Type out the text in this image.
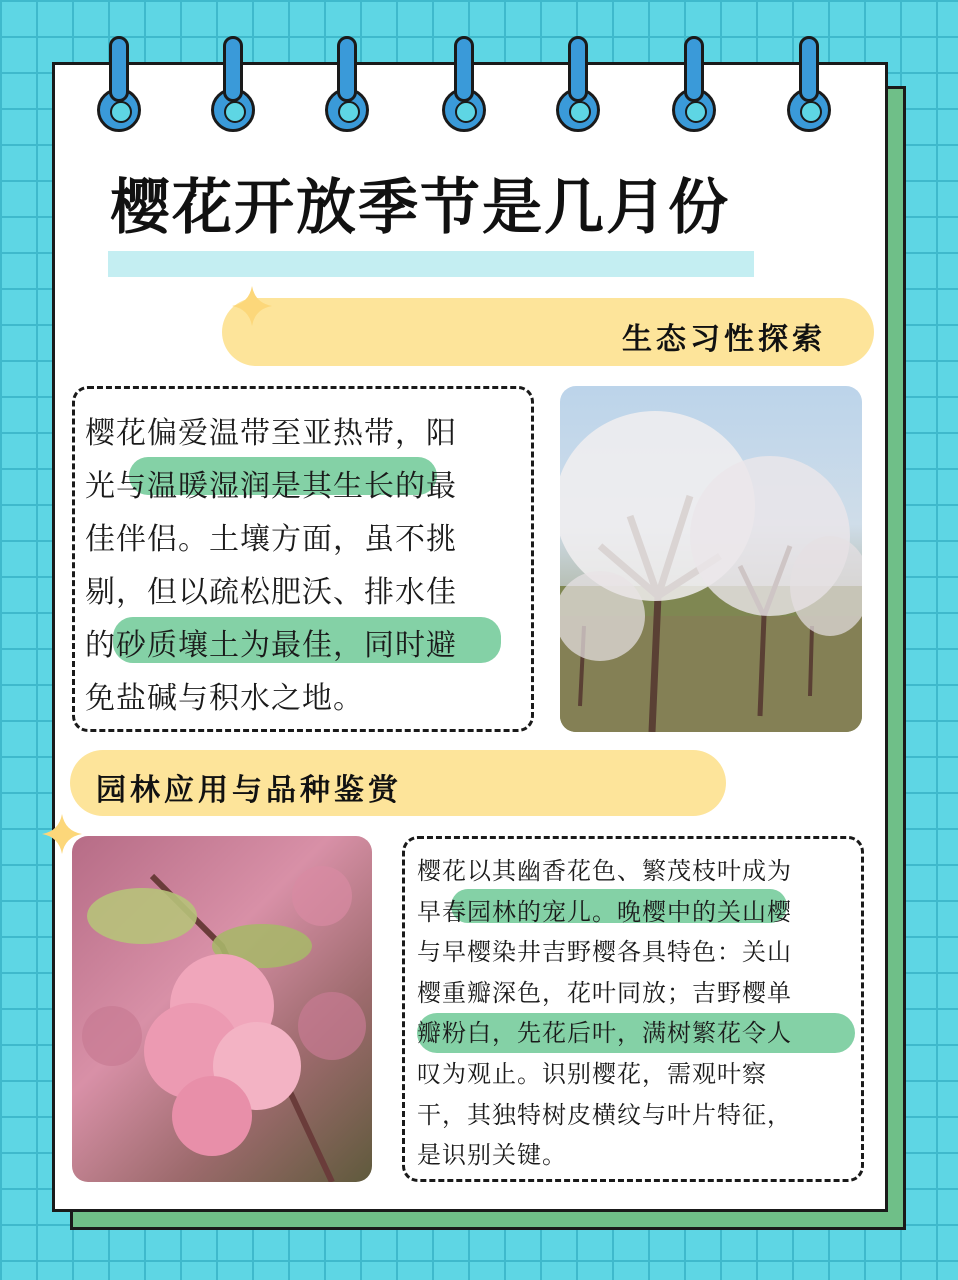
樱花开放季节是几月份
生态习性探索
樱花偏爱温带至亚热带，阳
光与温暖湿润是其生长的最
佳伴侣。土壤方面，虽不挑
剔，但以疏松肥沃、排水佳
的砂质壤土为最佳，同时避
免盐碱与积水之地。
园林应用与品种鉴赏
樱花以其幽香花色、繁茂枝叶成为
早春园林的宠儿。晚樱中的关山樱
与早樱染井吉野樱各具特色：关山
樱重瓣深色，花叶同放；吉野樱单
瓣粉白，先花后叶，满树繁花令人
叹为观止。识别樱花，需观叶察
干，其独特树皮横纹与叶片特征，
是识别关键。
